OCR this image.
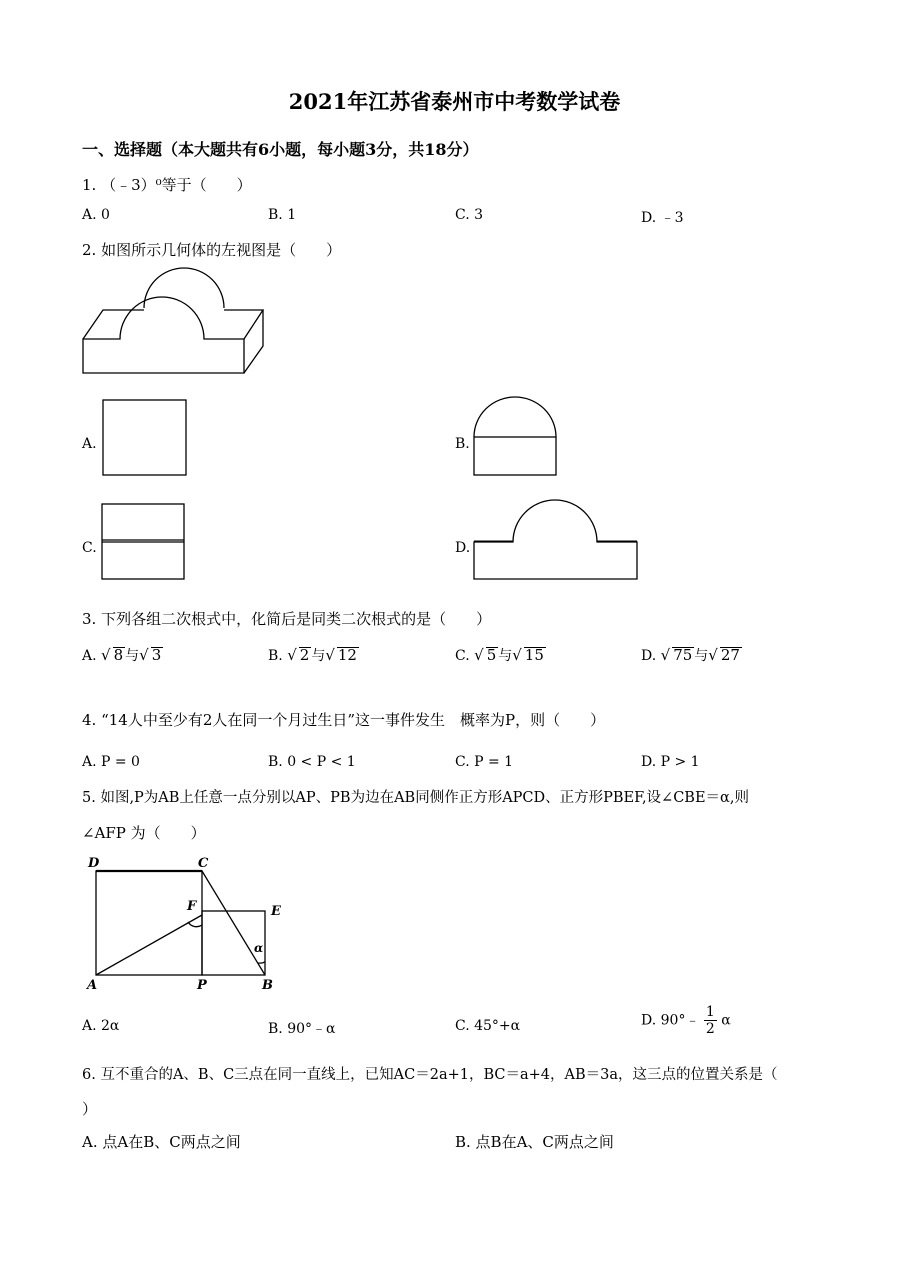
2021年江苏省泰州市中考数学试卷
一、选择题（本大题共有6小题，每小题3分，共18分）
1. （﹣3）⁰等于（　　）
A. 0	B. 1	C. 3	D. ﹣3
2. 如图所示几何体的左视图是（　　）
A.	B.
C.	D.
3. 下列各组二次根式中，化简后是同类二次根式的是（　　）
A. √ 8 与√ 3	B. √ 2 与√ 12	C. √ 5 与√ 15	D. √ 75 与√ 27
4. “14人中至少有2人在同一个月过生日”这一事件发生　概率为P，则（　　）
A. P = 0	B. 0 < P < 1	C. P = 1	D. P > 1
5. 如图,P为AB上任意一点分别以AP、PB为边在AB同侧作正方形APCD、正方形PBEF,设∠CBE＝α,则
∠AFP 为（　　）
D	C
F	E
A	P	B
α
A. 2α	B. 90°﹣α	C. 45°+α	D. 90°﹣ $\frac{1}{2}$ α
6. 互不重合的A、B、C三点在同一直线上，已知AC＝2a+1，BC＝a+4，AB＝3a，这三点的位置关系是（
）
A. 点A在B、C两点之间	B. 点B在A、C两点之间
